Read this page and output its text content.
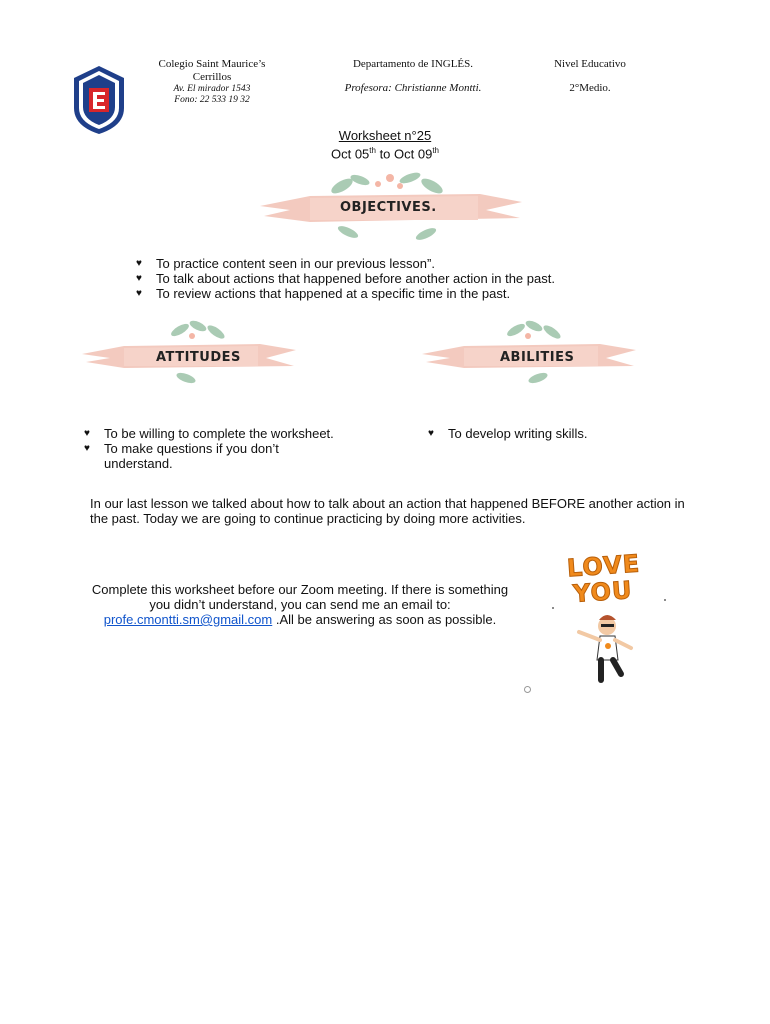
Colegio Saint Maurice’s
Cerrillos
Av. El mirador 1543
Fono: 22 533 19 32
Departamento de INGLÉS.
Profesora: Christianne Montti.
Nivel Educativo
2°Medio.
Worksheet n°25
Oct 05th to Oct 09th
OBJECTIVES.
♥ To practice content seen in our previous lesson”.
♥ To talk about actions that happened before another action in the past.
♥ To review actions that happened at a specific time in the past.
ATTITUDES	ABILITIES
♥ To be willing to complete the worksheet.
♥ To make questions if you don’t understand.
♥ To develop writing skills.
In our last lesson we talked about how to talk about an action that happened BEFORE another action in the past. Today we are going to continue practicing by doing more activities.
Complete this worksheet before our Zoom meeting. If there is something you didn’t understand, you can send me an email to: profe.cmontti.sm@gmail.com .All be answering as soon as possible.
LOVE
YOU
